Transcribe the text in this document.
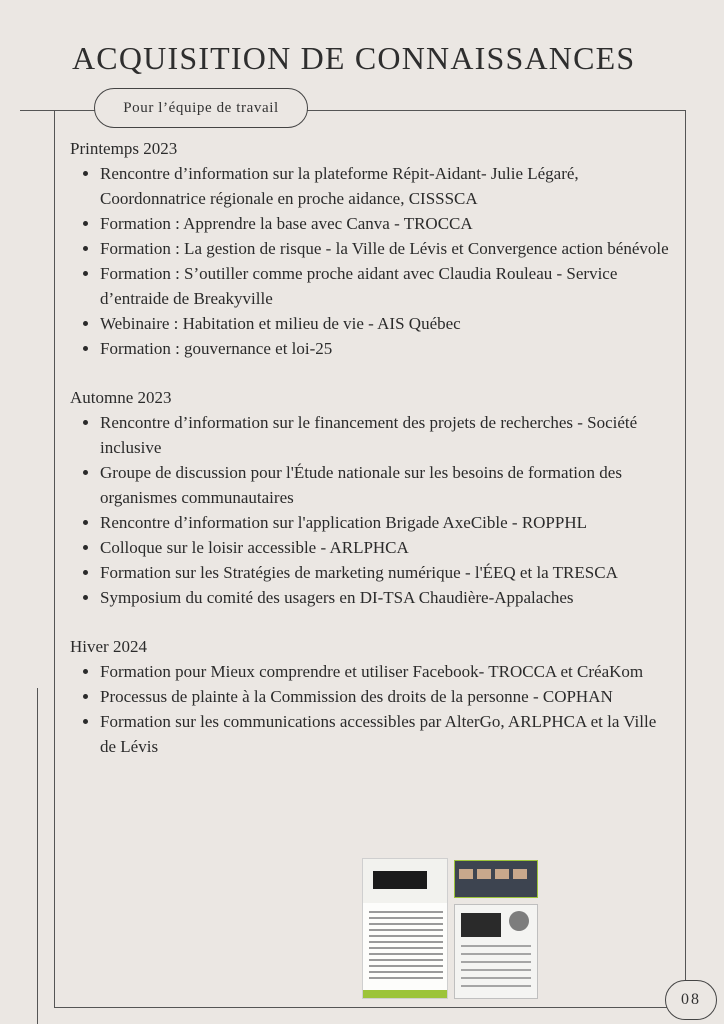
ACQUISITION DE CONNAISSANCES
Pour l’équipe de travail

Printemps 2023

Rencontre d’information sur la plateforme Répit-Aidant- Julie Légaré, Coordonnatrice régionale en proche aidance, CISSSCA
Formation : Apprendre la base avec Canva - TROCCA
Formation : La gestion de risque - la Ville de Lévis et Convergence action bénévole
Formation : S’outiller comme proche aidant avec Claudia Rouleau - Service d’entraide de Breakyville
Webinaire : Habitation et milieu de vie - AIS Québec
Formation : gouvernance et loi-25

Automne 2023

Rencontre d’information sur le financement des projets de recherches - Société inclusive
Groupe de discussion pour l'Étude nationale sur les besoins de formation des organismes communautaires
Rencontre d’information sur l'application Brigade AxeCible - ROPPHL
Colloque sur le loisir accessible - ARLPHCA
Formation sur les Stratégies de marketing numérique - l'ÉEQ et la TRESCA
Symposium du comité des usagers en DI-TSA Chaudière-Appalaches

Hiver 2024

Formation pour Mieux comprendre et utiliser Facebook- TROCCA et CréaKom
Processus de plainte à la Commission des droits de la personne - COPHAN
Formation sur les communications accessibles par AlterGo, ARLPHCA et la Ville de Lévis
08
